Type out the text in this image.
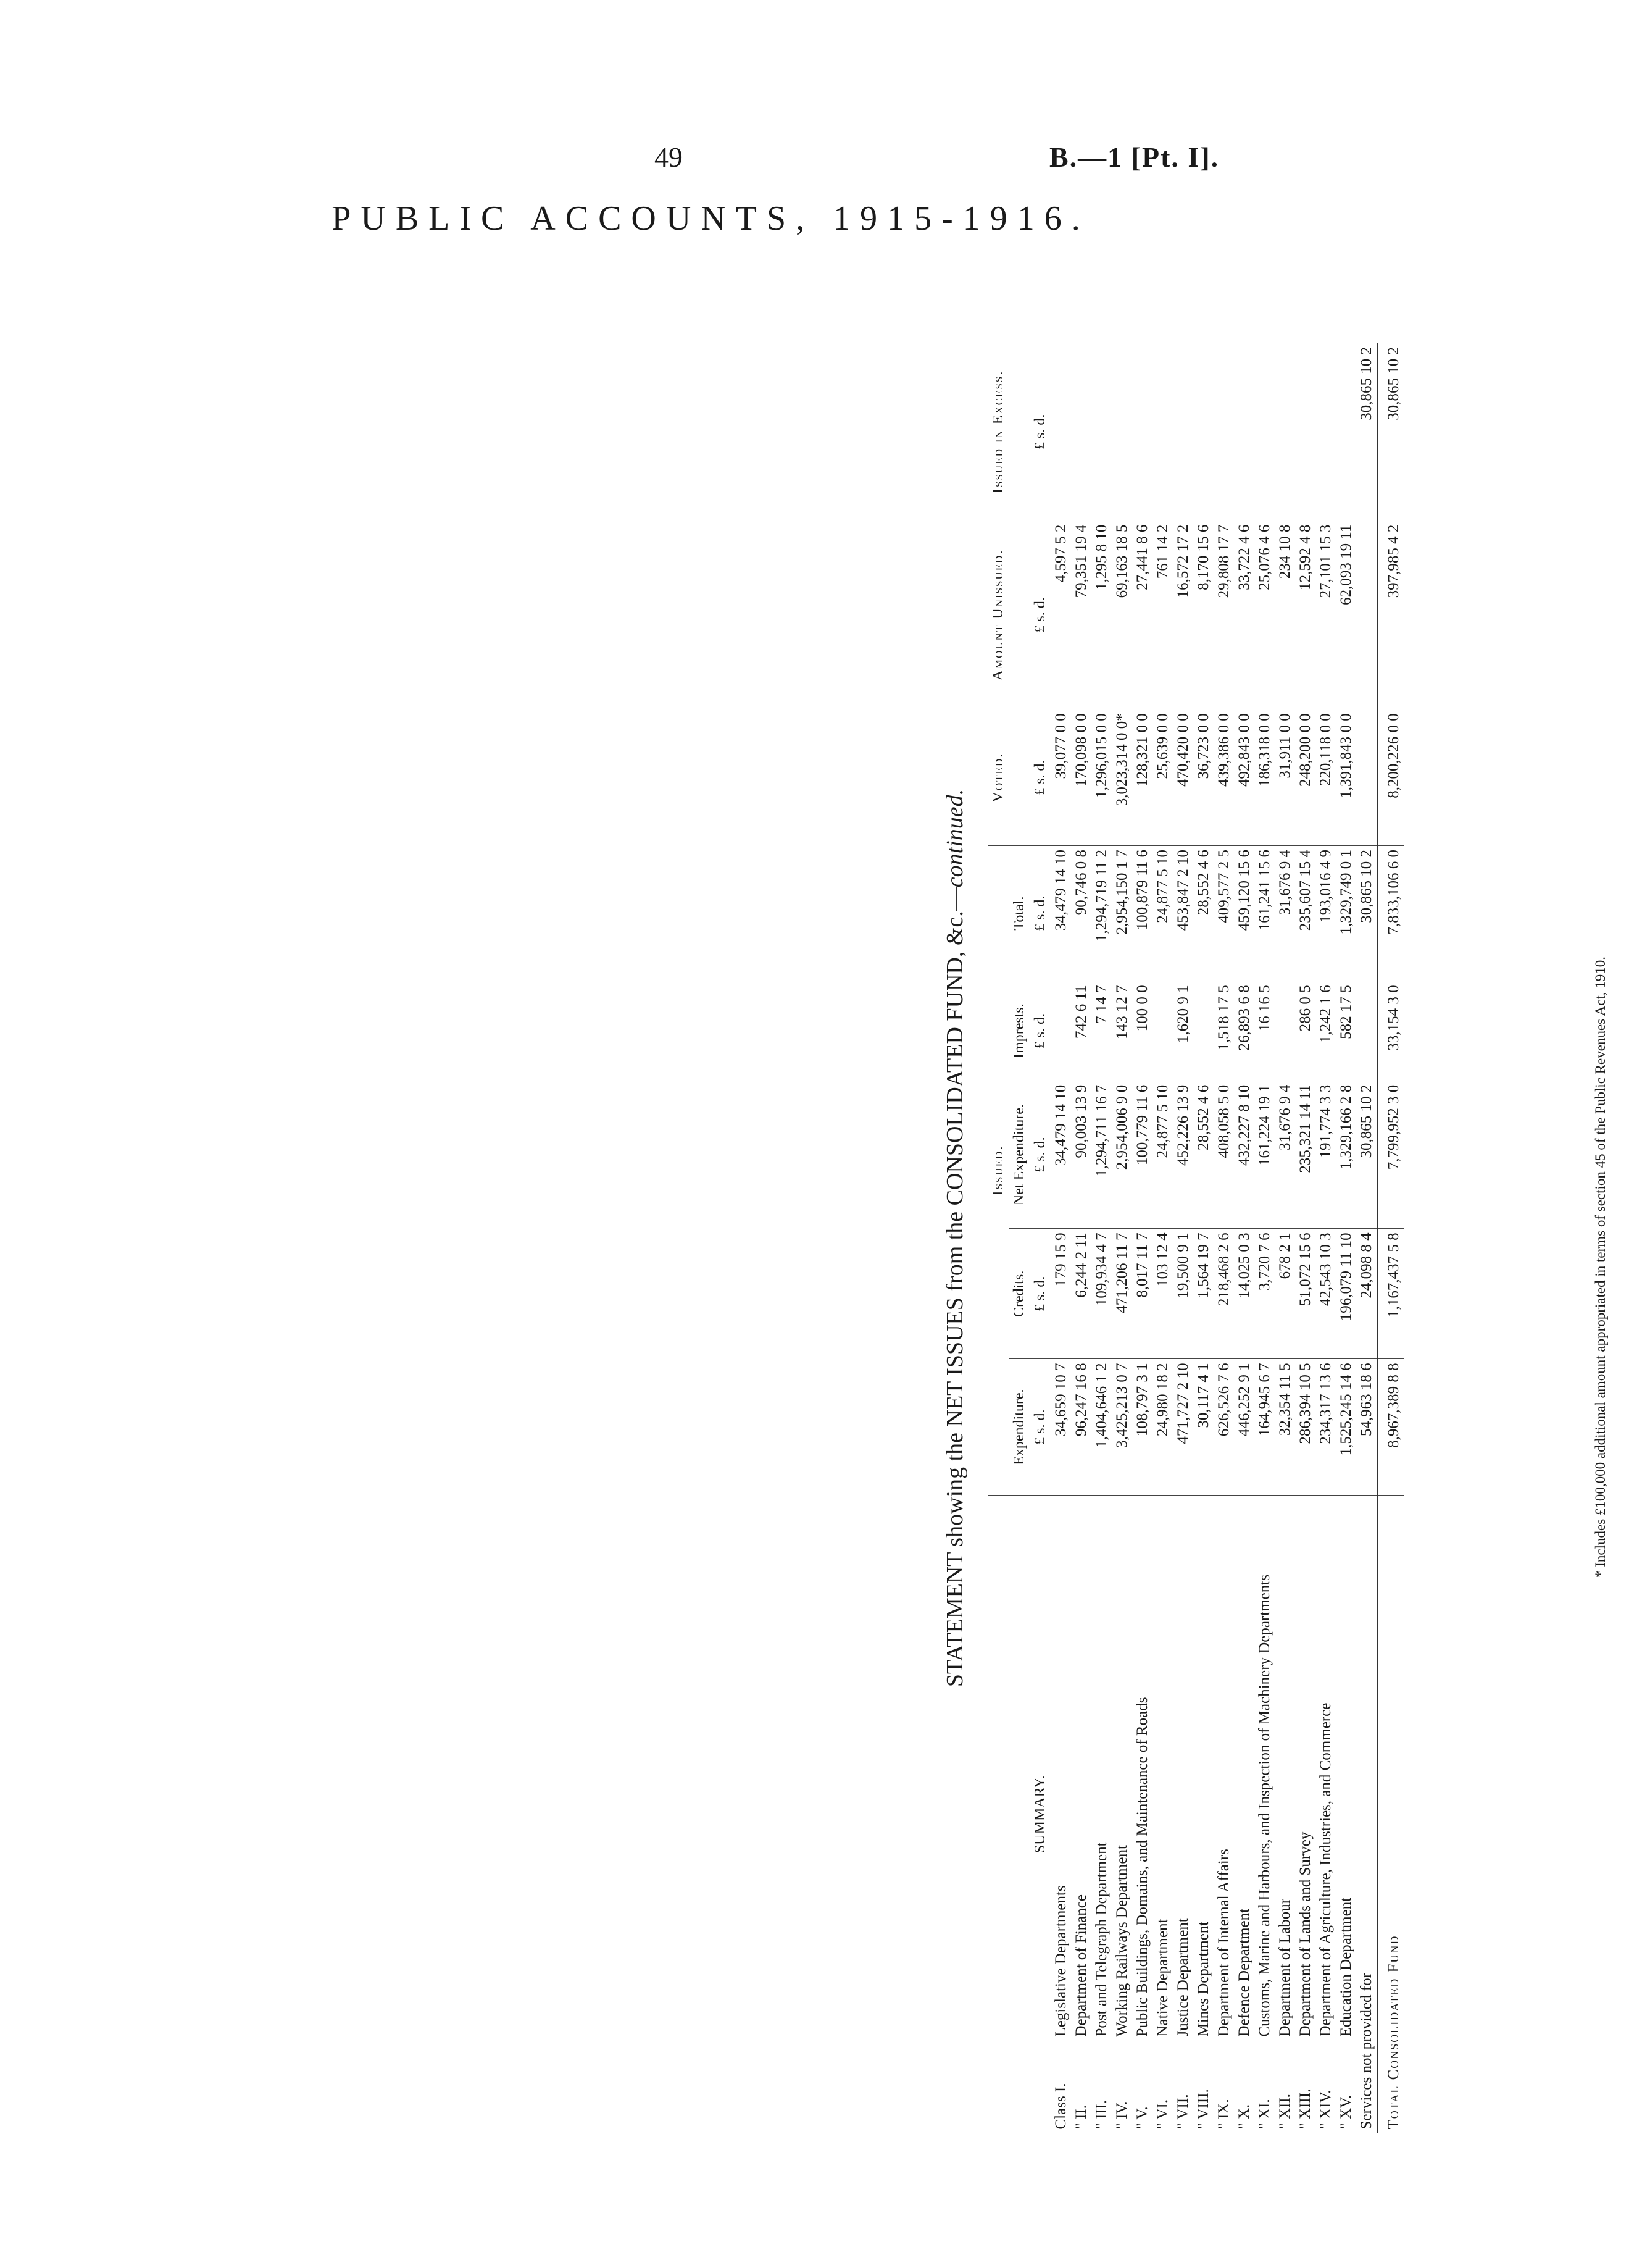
49	B.—1 [Pt. I].
PUBLIC ACCOUNTS, 1915-1916.
STATEMENT showing the NET ISSUES from the CONSOLIDATED FUND, &c.—continued.
	Issued.					Voted.	Amount Unissued.	Issued in Excess.
	Expenditure.	Credits.	Net Expenditure.	Imprests.	Total.			
SUMMARY.	£ s. d.	£ s. d.	£ s. d.	£ s. d.	£ s. d.	£ s. d.	£ s. d.	£ s. d.
Class I.Legislative Departments	34,659 10 7	179 15 9	34,479 14 10		34,479 14 10	39,077 0 0	4,597 5 2	
" II.Department of Finance	96,247 16 8	6,244 2 11	90,003 13 9	742 6 11	90,746 0 8	170,098 0 0	79,351 19 4	
" III.Post and Telegraph Department	1,404,646 1 2	109,934 4 7	1,294,711 16 7	7 14 7	1,294,719 11 2	1,296,015 0 0	1,295 8 10	
" IV.Working Railways Department	3,425,213 0 7	471,206 11 7	2,954,006 9 0	143 12 7	2,954,150 1 7	3,023,314 0 0*	69,163 18 5	
" V.Public Buildings, Domains, and Maintenance of Roads	108,797 3 1	8,017 11 7	100,779 11 6	100 0 0	100,879 11 6	128,321 0 0	27,441 8 6	
" VI.Native Department	24,980 18 2	103 12 4	24,877 5 10		24,877 5 10	25,639 0 0	761 14 2	
" VII.Justice Department	471,727 2 10	19,500 9 1	452,226 13 9	1,620 9 1	453,847 2 10	470,420 0 0	16,572 17 2	
" VIII.Mines Department	30,117 4 1	1,564 19 7	28,552 4 6		28,552 4 6	36,723 0 0	8,170 15 6	
" IX.Department of Internal Affairs	626,526 7 6	218,468 2 6	408,058 5 0	1,518 17 5	409,577 2 5	439,386 0 0	29,808 17 7	
" X.Defence Department	446,252 9 1	14,025 0 3	432,227 8 10	26,893 6 8	459,120 15 6	492,843 0 0	33,722 4 6	
" XI.Customs, Marine and Harbours, and Inspection of Machinery Departments	164,945 6 7	3,720 7 6	161,224 19 1	16 16 5	161,241 15 6	186,318 0 0	25,076 4 6	
" XII.Department of Labour	32,354 11 5	678 2 1	31,676 9 4		31,676 9 4	31,911 0 0	234 10 8	
" XIII.Department of Lands and Survey	286,394 10 5	51,072 15 6	235,321 14 11	286 0 5	235,607 15 4	248,200 0 0	12,592 4 8	
" XIV.Department of Agriculture, Industries, and Commerce	234,317 13 6	42,543 10 3	191,774 3 3	1,242 1 6	193,016 4 9	220,118 0 0	27,101 15 3	
" XV.Education Department	1,525,245 14 6	196,079 11 10	1,329,166 2 8	582 17 5	1,329,749 0 1	1,391,843 0 0	62,093 19 11	
Services not provided for	54,963 18 6	24,098 8 4	30,865 10 2		30,865 10 2			30,865 10 2
Total Consolidated Fund	8,967,389 8 8	1,167,437 5 8	7,799,952 3 0	33,154 3 0	7,833,106 6 0	8,200,226 0 0	397,985 4 2	30,865 10 2
* Includes £100,000 additional amount appropriated in terms of section 45 of the Public Revenues Act, 1910.
